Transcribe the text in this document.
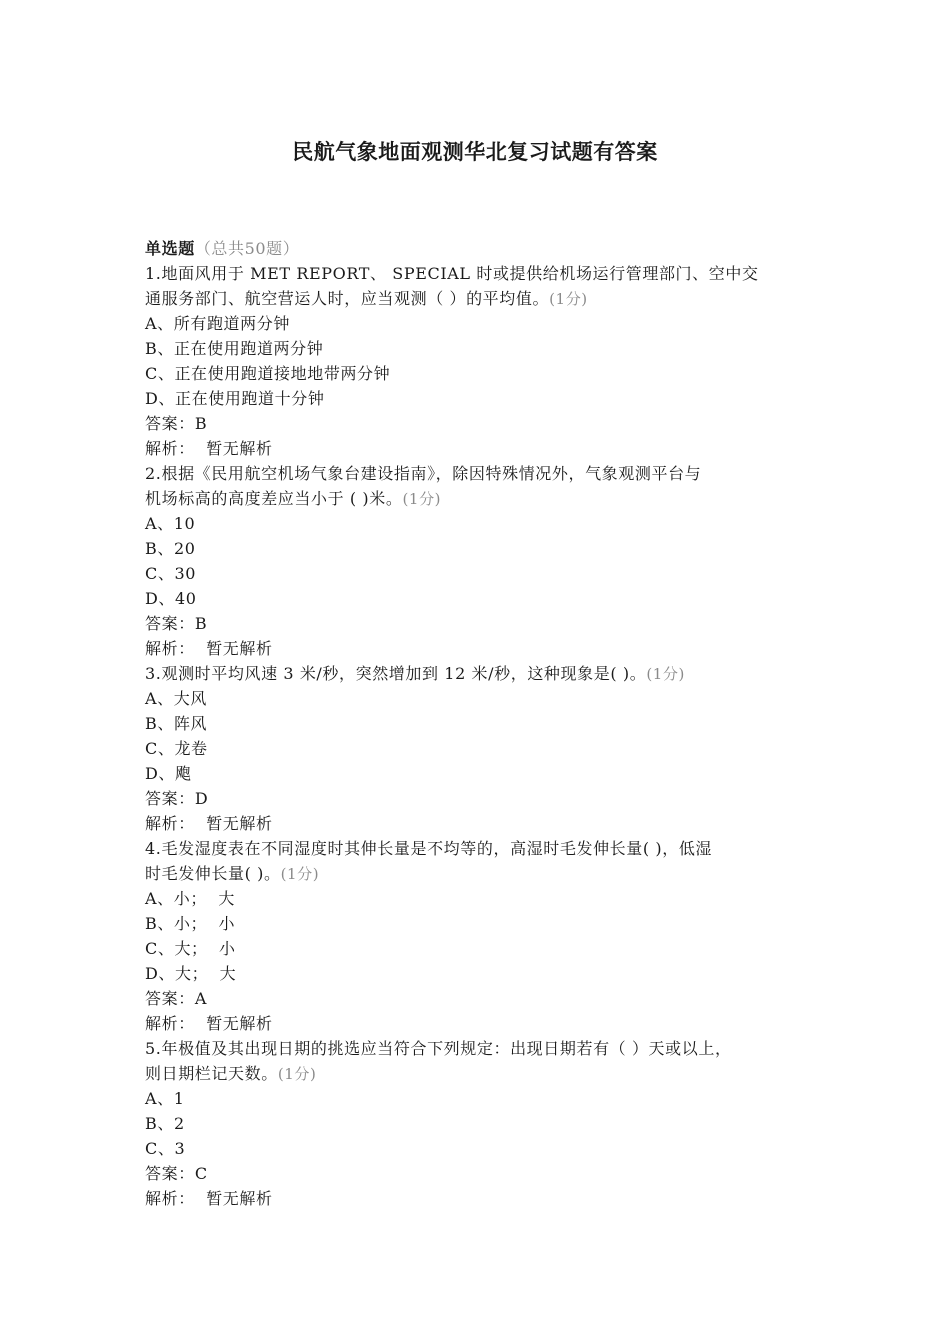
民航气象地面观测华北复习试题有答案
单选题（总共50题）
1.地面风用于 MET REPORT、 SPECIAL 时或提供给机场运行管理部门、空中交
通服务部门、航空营运人时，应当观测（ ）的平均值。(1分)
A、所有跑道两分钟
B、正在使用跑道两分钟
C、正在使用跑道接地地带两分钟
D、正在使用跑道十分钟
答案：B
解析：  暂无解析
2.根据《民用航空机场气象台建设指南》，除因特殊情况外，气象观测平台与
机场标高的高度差应当小于 ( )米。(1分)
A、10
B、20
C、30
D、40
答案：B
解析：  暂无解析
3.观测时平均风速 3 米/秒，突然增加到 12 米/秒，这种现象是( )。(1分)
A、大风
B、阵风
C、龙卷
D、飑
答案：D
解析：  暂无解析
4.毛发湿度表在不同湿度时其伸长量是不均等的，高湿时毛发伸长量( )，低湿
时毛发伸长量( )。(1分)
A、小；  大
B、小；  小
C、大；  小
D、大；  大
答案：A
解析：  暂无解析
5.年极值及其出现日期的挑选应当符合下列规定：出现日期若有（ ）天或以上，
则日期栏记天数。(1分)
A、1
B、2
C、3
答案：C
解析：  暂无解析
